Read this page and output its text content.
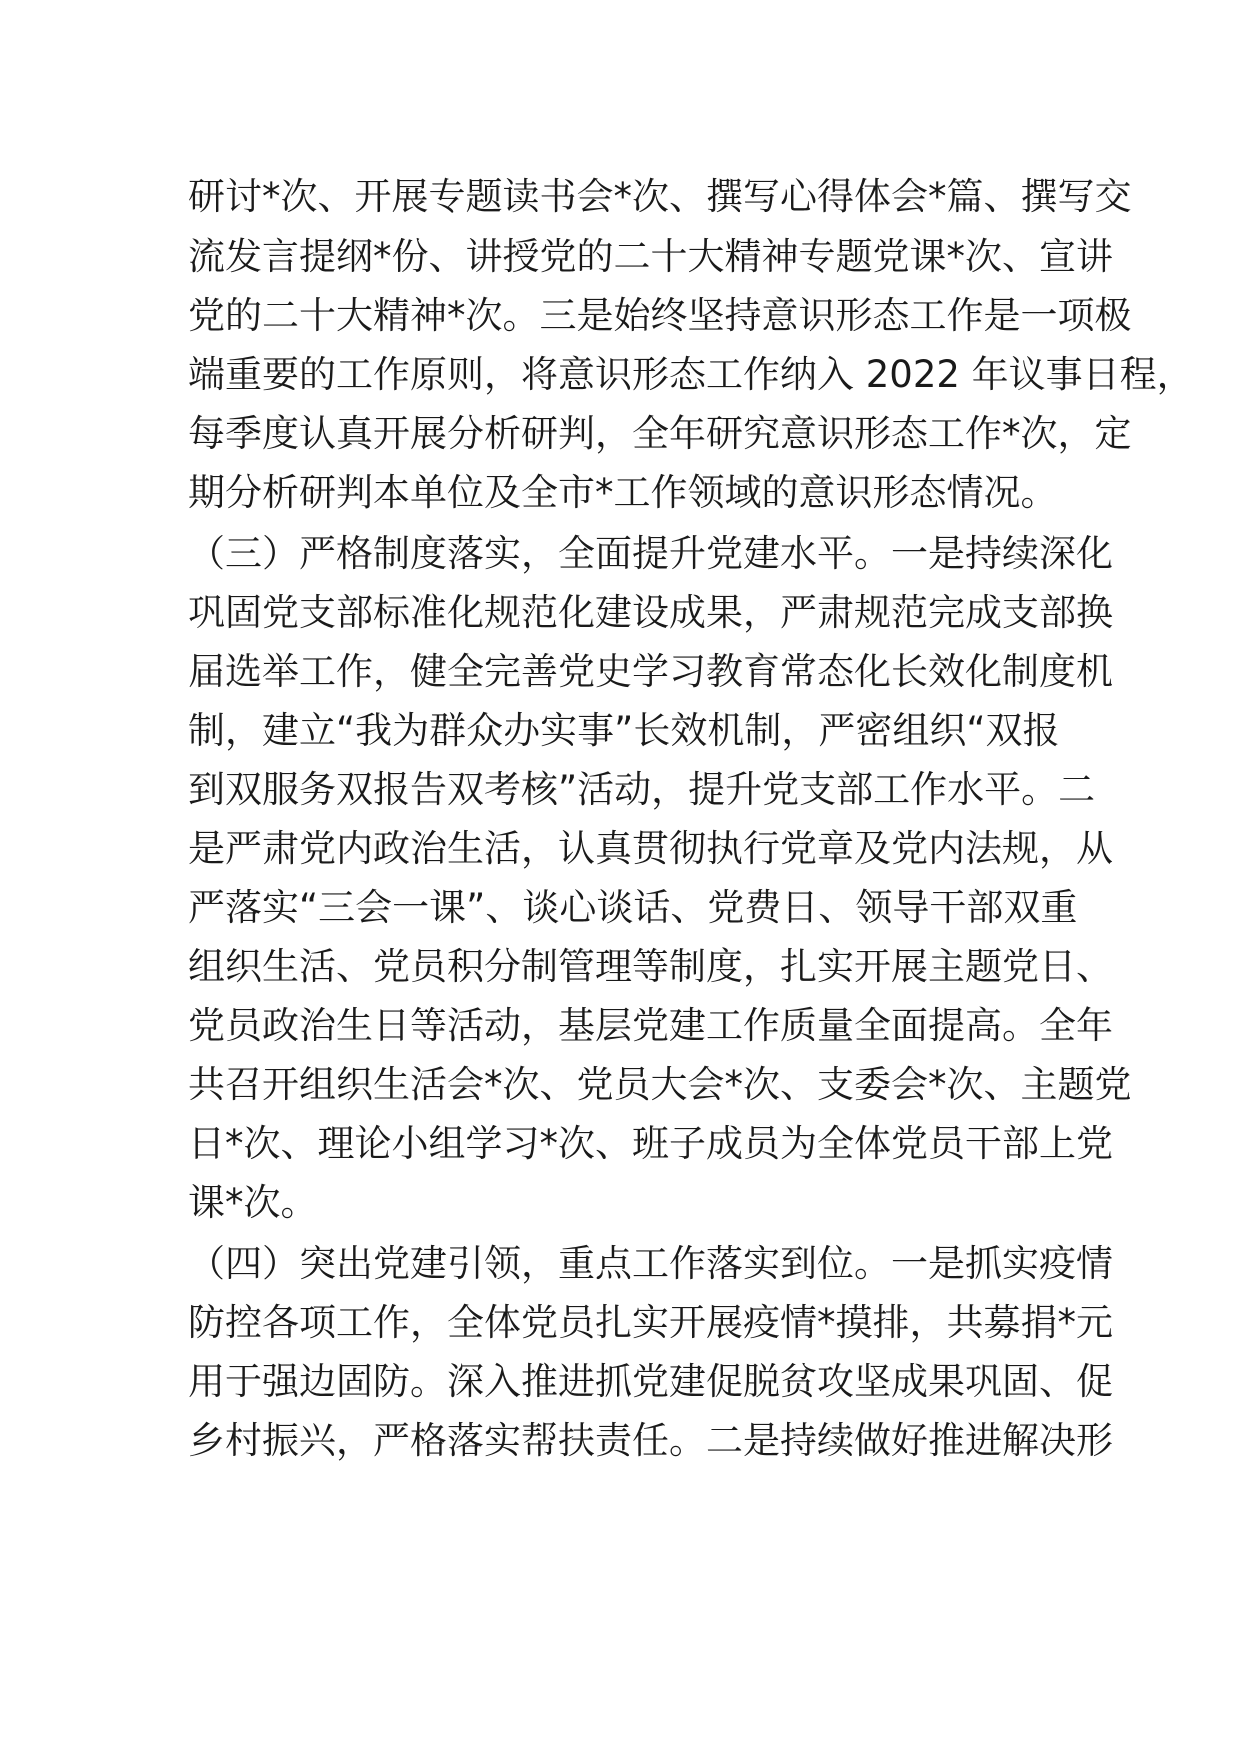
研讨*次、开展专题读书会*次、撰写心得体会*篇、撰写交
流发言提纲*份、讲授党的二十大精神专题党课*次、宣讲
党的二十大精神*次。三是始终坚持意识形态工作是一项极
端重要的工作原则，将意识形态工作纳入 2022 年议事日程，
每季度认真开展分析研判，全年研究意识形态工作*次，定
期分析研判本单位及全市*工作领域的意识形态情况。
（三）严格制度落实，全面提升党建水平。一是持续深化
巩固党支部标准化规范化建设成果，严肃规范完成支部换
届选举工作，健全完善党史学习教育常态化长效化制度机
制，建立“我为群众办实事”长效机制，严密组织“双报
到双服务双报告双考核”活动，提升党支部工作水平。二
是严肃党内政治生活，认真贯彻执行党章及党内法规，从
严落实“三会一课”、谈心谈话、党费日、领导干部双重
组织生活、党员积分制管理等制度，扎实开展主题党日、
党员政治生日等活动，基层党建工作质量全面提高。全年
共召开组织生活会*次、党员大会*次、支委会*次、主题党
日*次、理论小组学习*次、班子成员为全体党员干部上党
课*次。
（四）突出党建引领，重点工作落实到位。一是抓实疫情
防控各项工作，全体党员扎实开展疫情*摸排，共募捐*元
用于强边固防。深入推进抓党建促脱贫攻坚成果巩固、促
乡村振兴，严格落实帮扶责任。二是持续做好推进解决形
